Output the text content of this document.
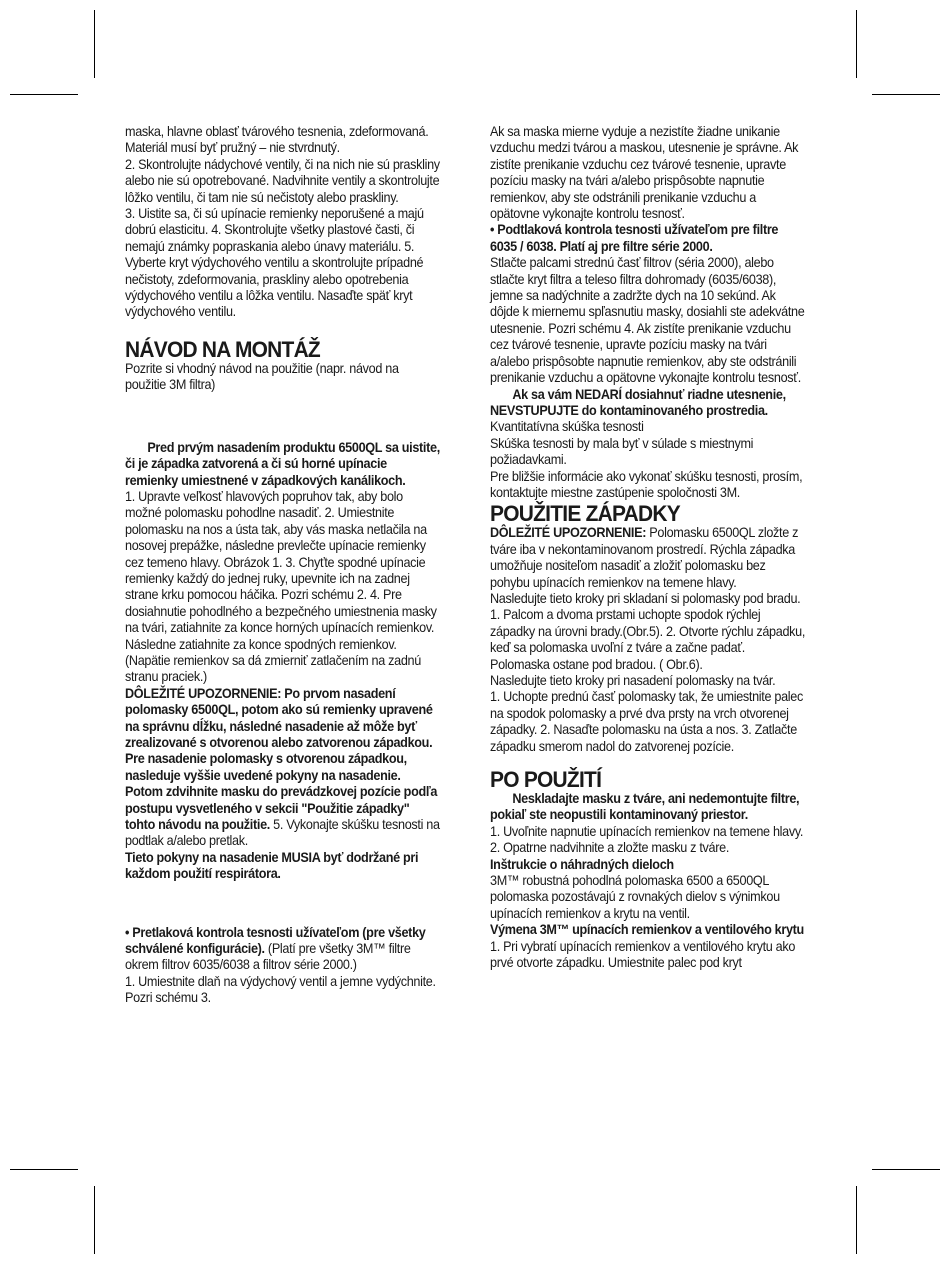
maska, hlavne oblasť tvárového tesnenia, zdeformovaná. Materiál musí byť pružný – nie stvrdnutý.

2. Skontrolujte nádychové ventily, či na nich nie sú praskliny alebo nie sú opotrebované. Nadvihnite ventily a skontrolujte lôžko ventilu, či tam nie sú nečistoty alebo praskliny.

3. Uistite sa, či sú upínacie remienky neporušené a majú dobrú elasticitu. 4. Skontrolujte všetky plastové časti, či nemajú známky popraskania alebo únavy materiálu. 5. Vyberte kryt výdychového ventilu a skontrolujte prípadné nečistoty, zdeformovania, praskliny alebo opotrebenia výdychového ventilu a lôžka ventilu. Nasaďte späť kryt výdychového ventilu.

NÁVOD NA MONTÁŽ

Pozrite si vhodný návod na použitie (napr. návod na použitie 3M filtra)

Pred prvým nasadením produktu 6500QL sa uistite, či je západka zatvorená a či sú horné upínacie remienky umiestnené v západkových kanálikoch.

1. Upravte veľkosť hlavových popruhov tak, aby bolo možné polomasku pohodlne nasadiť. 2. Umiestnite polomasku na nos a ústa tak, aby vás maska netlačila na nosovej prepážke, následne prevlečte upínacie remienky cez temeno hlavy. Obrázok 1. 3. Chyťte spodné upínacie remienky každý do jednej ruky, upevnite ich na zadnej strane krku pomocou háčika. Pozri schému 2. 4. Pre dosiahnutie pohodlného a bezpečného umiestnenia masky na tvári, zatiahnite za konce horných upínacích remienkov. Následne zatiahnite za konce spodných remienkov. (Napätie remienkov sa dá zmierniť zatlačením na zadnú stranu praciek.)

DÔLEŽITÉ UPOZORNENIE: Po prvom nasadení polomasky 6500QL, potom ako sú remienky upravené na správnu dĺžku, následné nasadenie až môže byť zrealizované s otvorenou alebo zatvorenou západkou. Pre nasadenie polomasky s otvorenou západkou, nasleduje vyššie uvedené pokyny na nasadenie. Potom zdvihnite masku do prevádzkovej pozície podľa postupu vysvetleného v sekcii "Použitie západky" tohto návodu na použitie. 5. Vykonajte skúšku tesnosti na podtlak a/alebo pretlak.

Tieto pokyny na nasadenie MUSIA byť dodržané pri každom použití respirátora.

• Pretlaková kontrola tesnosti užívateľom (pre všetky schválené konfigurácie). (Platí pre všetky 3M™ filtre okrem filtrov 6035/6038 a filtrov série 2000.)

1. Umiestnite dlaň na výdychový ventil a jemne vydýchnite. Pozri schému 3.

Ak sa maska mierne vyduje a nezistíte žiadne unikanie vzduchu medzi tvárou a maskou, utesnenie je správne. Ak zistíte prenikanie vzduchu cez tvárové tesnenie, upravte pozíciu masky na tvári a/alebo prispôsobte napnutie remienkov, aby ste odstránili prenikanie vzduchu a opätovne vykonajte kontrolu tesnosť.

• Podtlaková kontrola tesnosti užívateľom pre filtre 6035 / 6038. Platí aj pre filtre série 2000.

Stlačte palcami strednú časť filtrov (séria 2000), alebo stlačte kryt filtra a teleso filtra dohromady (6035/6038), jemne sa nadýchnite a zadržte dych na 10 sekúnd. Ak dôjde k miernemu spľasnutiu masky, dosiahli ste adekvátne utesnenie. Pozri schému 4. Ak zistíte prenikanie vzduchu cez tvárové tesnenie, upravte pozíciu masky na tvári a/alebo prispôsobte napnutie remienkov, aby ste odstránili prenikanie vzduchu a opätovne vykonajte kontrolu tesnosť.

Ak sa vám NEDARÍ dosiahnuť riadne utesnenie, NEVSTUPUJTE do kontaminovaného prostredia.

Kvantitatívna skúška tesnosti

Skúška tesnosti by mala byť v súlade s miestnymi požiadavkami.

Pre bližšie informácie ako vykonať skúšku tesnosti, prosím, kontaktujte miestne zastúpenie spoločnosti 3M.

POUŽITIE ZÁPADKY

DÔLEŽITÉ UPOZORNENIE: Polomasku 6500QL zložte z tváre iba v nekontaminovanom prostredí. Rýchla západka umožňuje nositeľom nasadiť a zložiť polomasku bez pohybu upínacích remienkov na temene hlavy.

Nasledujte tieto kroky pri skladaní si polomasky pod bradu.

1. Palcom a dvoma prstami uchopte spodok rýchlej západky na úrovni brady.(Obr.5). 2. Otvorte rýchlu západku, keď sa polomaska uvoľní z tváre a začne padať. Polomaska ostane pod bradou. ( Obr.6).

Nasledujte tieto kroky pri nasadení polomasky na tvár.

1. Uchopte prednú časť polomasky tak, že umiestnite palec na spodok polomasky a prvé dva prsty na vrch otvorenej západky. 2. Nasaďte polomasku na ústa a nos. 3. Zatlačte západku smerom nadol do zatvorenej pozície.

PO POUŽITÍ

Neskladajte masku z tváre, ani nedemontujte filtre, pokiaľ ste neopustili kontaminovaný priestor.

1. Uvoľnite napnutie upínacích remienkov na temene hlavy.

2. Opatrne nadvihnite a zložte masku z tváre.

Inštrukcie o náhradných dieloch

3M™ robustná pohodlná polomaska 6500 a 6500QL polomaska pozostávajú z rovnakých dielov s výnimkou upínacích remienkov a krytu na ventil.

Výmena 3M™ upínacích remienkov a ventilového krytu

1. Pri vybratí upínacích remienkov a ventilového krytu ako prvé otvorte západku. Umiestnite palec pod kryt
